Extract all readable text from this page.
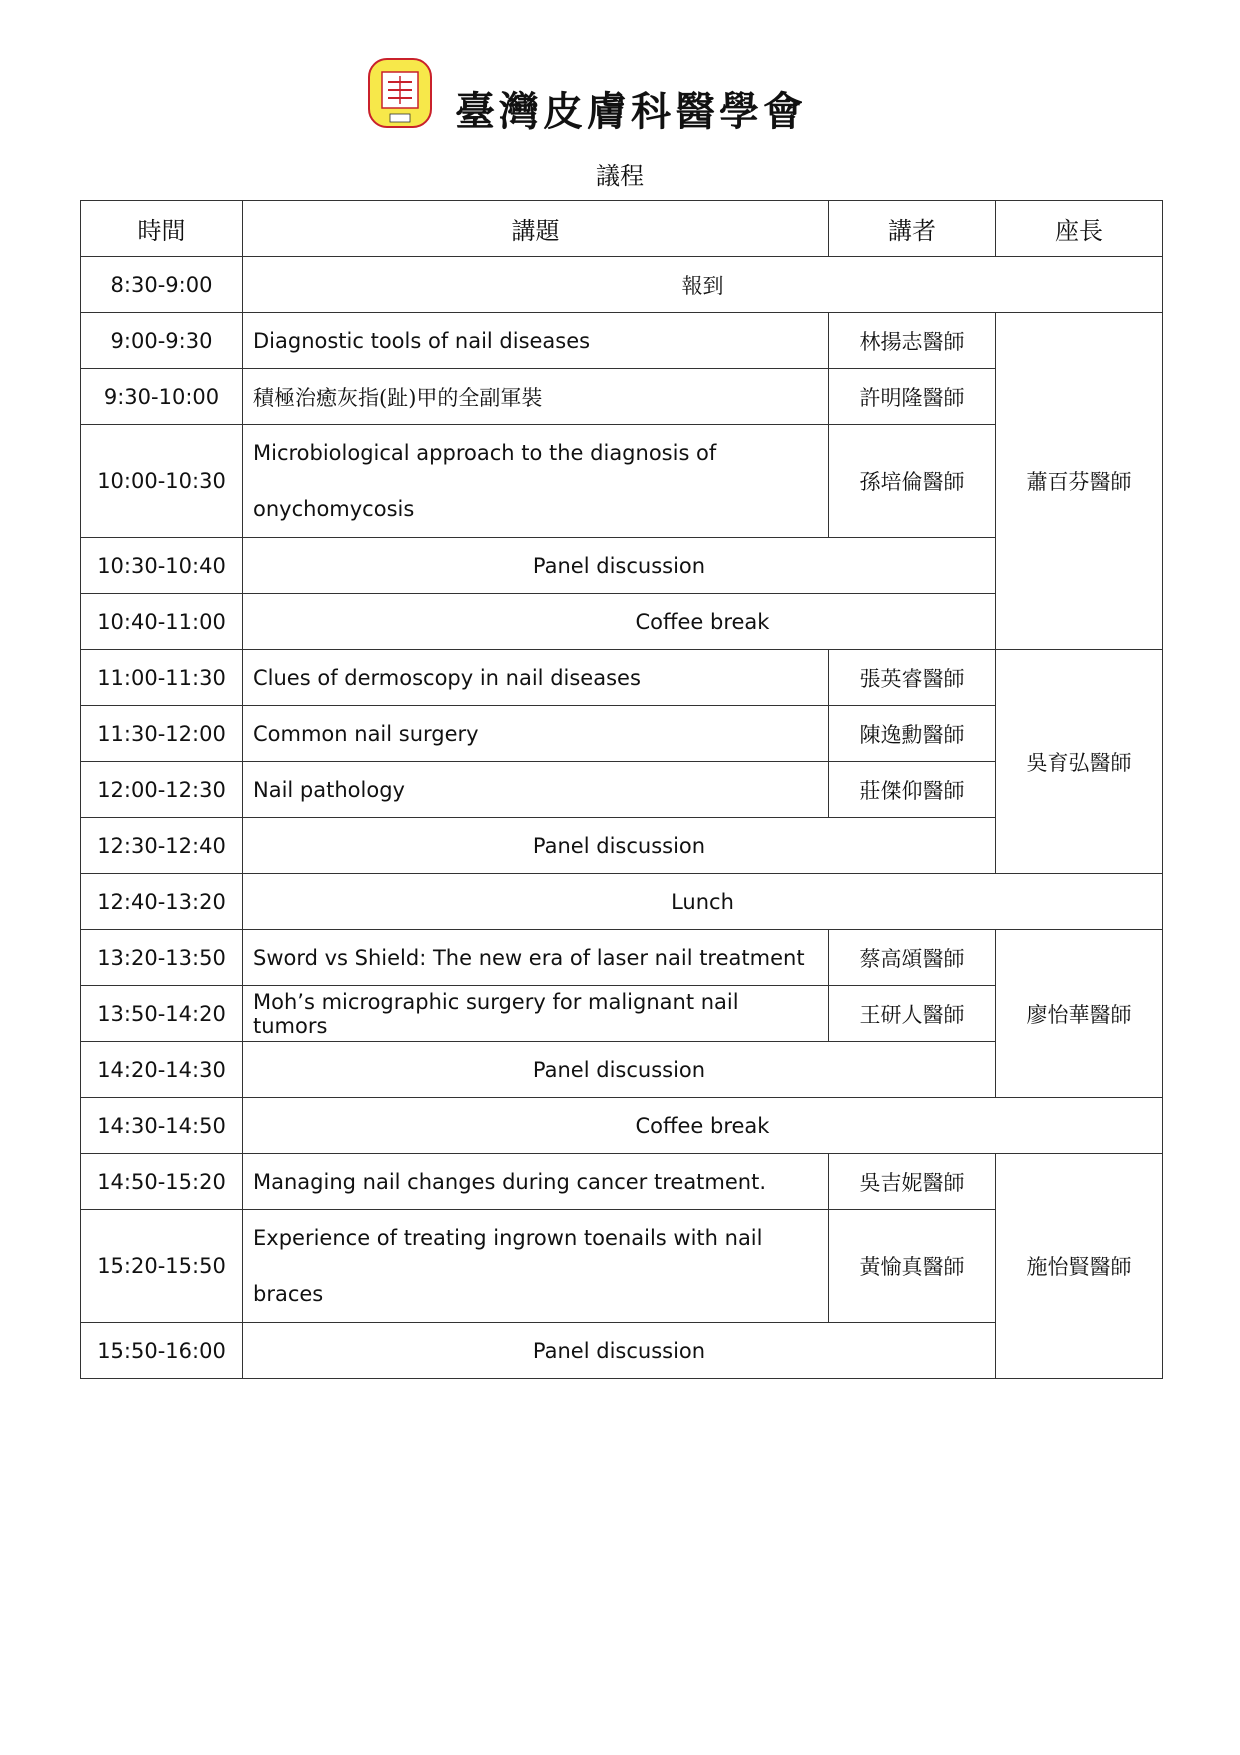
臺灣皮膚科醫學會
議程
時間	講題	講者	座長
8:30-9:00	報到		
9:00-9:30	Diagnostic tools of nail diseases	林揚志醫師	蕭百芬醫師
9:30-10:00	積極治癒灰指(趾)甲的全副軍裝	許明隆醫師	
10:00-10:30	Microbiological approach to the diagnosis of onychomycosis	孫培倫醫師	
10:30-10:40	Panel discussion		
10:40-11:00	Coffee break		
11:00-11:30	Clues of dermoscopy in nail diseases	張英睿醫師	吳育弘醫師
11:30-12:00	Common nail surgery	陳逸勳醫師	
12:00-12:30	Nail pathology	莊傑仰醫師	
12:30-12:40	Panel discussion		
12:40-13:20	Lunch		
13:20-13:50	Sword vs Shield: The new era of laser nail treatment	蔡高頌醫師	廖怡華醫師
13:50-14:20	Moh’s micrographic surgery for malignant nail tumors	王研人醫師	
14:20-14:30	Panel discussion		
14:30-14:50	Coffee break		
14:50-15:20	Managing nail changes during cancer treatment.	吳吉妮醫師	施怡賢醫師
15:20-15:50	Experience of treating ingrown toenails with nail braces	黃愉真醫師	
15:50-16:00	Panel discussion		
